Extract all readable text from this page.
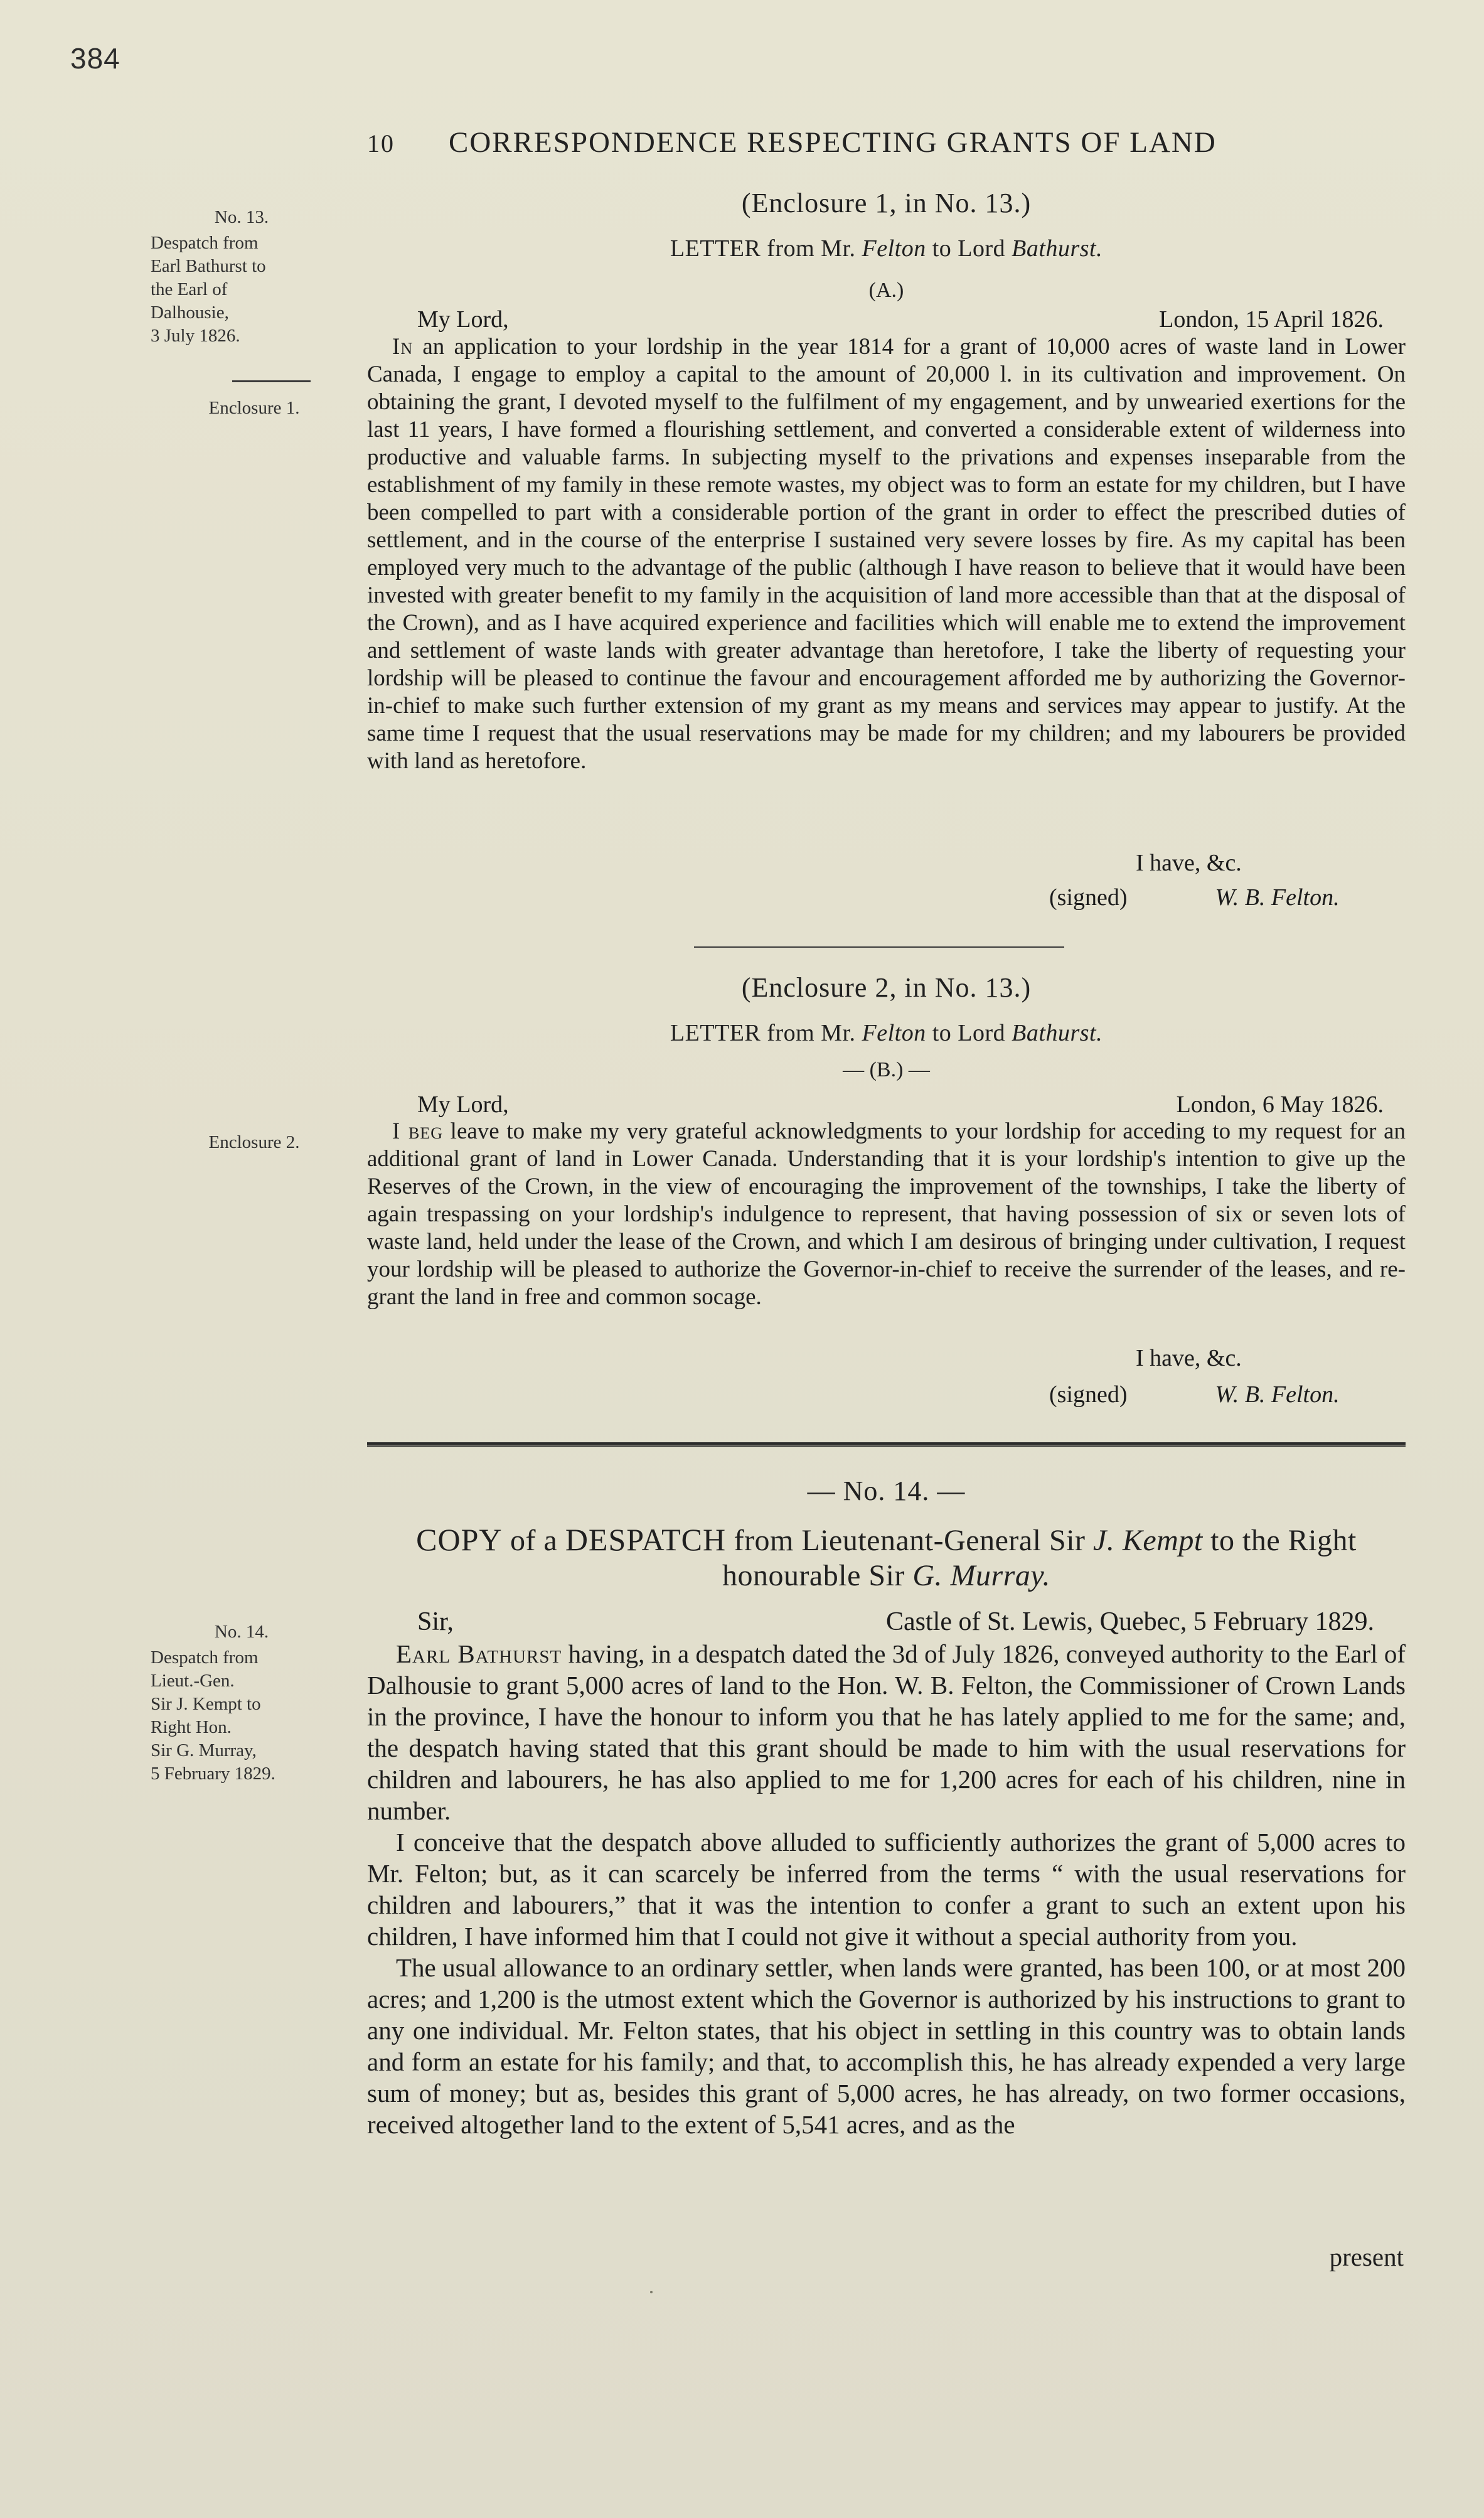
384
10 CORRESPONDENCE RESPECTING GRANTS OF LAND
No. 13.
Despatch from
Earl Bathurst to
the Earl of
Dalhousie,
3 July 1826.
Enclosure 1.
(Enclosure 1, in No. 13.)
LETTER from Mr. Felton to Lord Bathurst.
(A.)
My Lord,	London, 15 April 1826.

In an application to your lordship in the year 1814 for a grant of 10,000 acres of waste land in Lower Canada, I engage to employ a capital to the amount of 20,000 l. in its cultivation and improvement. On obtaining the grant, I devoted myself to the fulfilment of my engagement, and by unwearied exertions for the last 11 years, I have formed a flourishing settlement, and converted a considerable extent of wilderness into productive and valuable farms. In subjecting myself to the privations and expenses inseparable from the establishment of my family in these remote wastes, my object was to form an estate for my children, but I have been compelled to part with a considerable portion of the grant in order to effect the prescribed duties of settlement, and in the course of the enterprise I sustained very severe losses by fire. As my capital has been employed very much to the advantage of the public (although I have reason to believe that it would have been invested with greater benefit to my family in the acquisition of land more accessible than that at the disposal of the Crown), and as I have acquired experience and facilities which will enable me to extend the improvement and settlement of waste lands with greater advantage than heretofore, I take the liberty of requesting your lordship will be pleased to continue the favour and encouragement afforded me by authorizing the Governor-in-chief to make such further extension of my grant as my means and services may appear to justify. At the same time I request that the usual reservations may be made for my children; and my labourers be provided with land as heretofore.

I have, &c.
(signed)	W. B. Felton.
(Enclosure 2, in No. 13.)
LETTER from Mr. Felton to Lord Bathurst.
— (B.) —
Enclosure 2.
My Lord,	London, 6 May 1826.

I beg leave to make my very grateful acknowledgments to your lordship for acceding to my request for an additional grant of land in Lower Canada. Understanding that it is your lordship's intention to give up the Reserves of the Crown, in the view of encouraging the improvement of the townships, I take the liberty of again trespassing on your lordship's indulgence to represent, that having possession of six or seven lots of waste land, held under the lease of the Crown, and which I am desirous of bringing under cultivation, I request your lordship will be pleased to authorize the Governor-in-chief to receive the surrender of the leases, and re-grant the land in free and common socage.

I have, &c.
(signed)	W. B. Felton.
— No. 14. —
COPY of a DESPATCH from Lieutenant-General Sir J. Kempt to the Right honourable Sir G. Murray.
No. 14.
Despatch from
Lieut.-Gen.
Sir J. Kempt to
Right Hon.
Sir G. Murray,
5 February 1829.
Sir,	Castle of St. Lewis, Quebec, 5 February 1829.

Earl Bathurst having, in a despatch dated the 3d of July 1826, conveyed authority to the Earl of Dalhousie to grant 5,000 acres of land to the Hon. W. B. Felton, the Commissioner of Crown Lands in the province, I have the honour to inform you that he has lately applied to me for the same; and, the despatch having stated that this grant should be made to him with the usual reservations for children and labourers, he has also applied to me for 1,200 acres for each of his children, nine in number.

I conceive that the despatch above alluded to sufficiently authorizes the grant of 5,000 acres to Mr. Felton; but, as it can scarcely be inferred from the terms “ with the usual reservations for children and labourers,” that it was the intention to confer a grant to such an extent upon his children, I have informed him that I could not give it without a special authority from you.

The usual allowance to an ordinary settler, when lands were granted, has been 100, or at most 200 acres; and 1,200 is the utmost extent which the Governor is authorized by his instructions to grant to any one individual. Mr. Felton states, that his object in settling in this country was to obtain lands and form an estate for his family; and that, to accomplish this, he has already expended a very large sum of money; but as, besides this grant of 5,000 acres, he has already, on two former occasions, received altogether land to the extent of 5,541 acres, and as the

present
